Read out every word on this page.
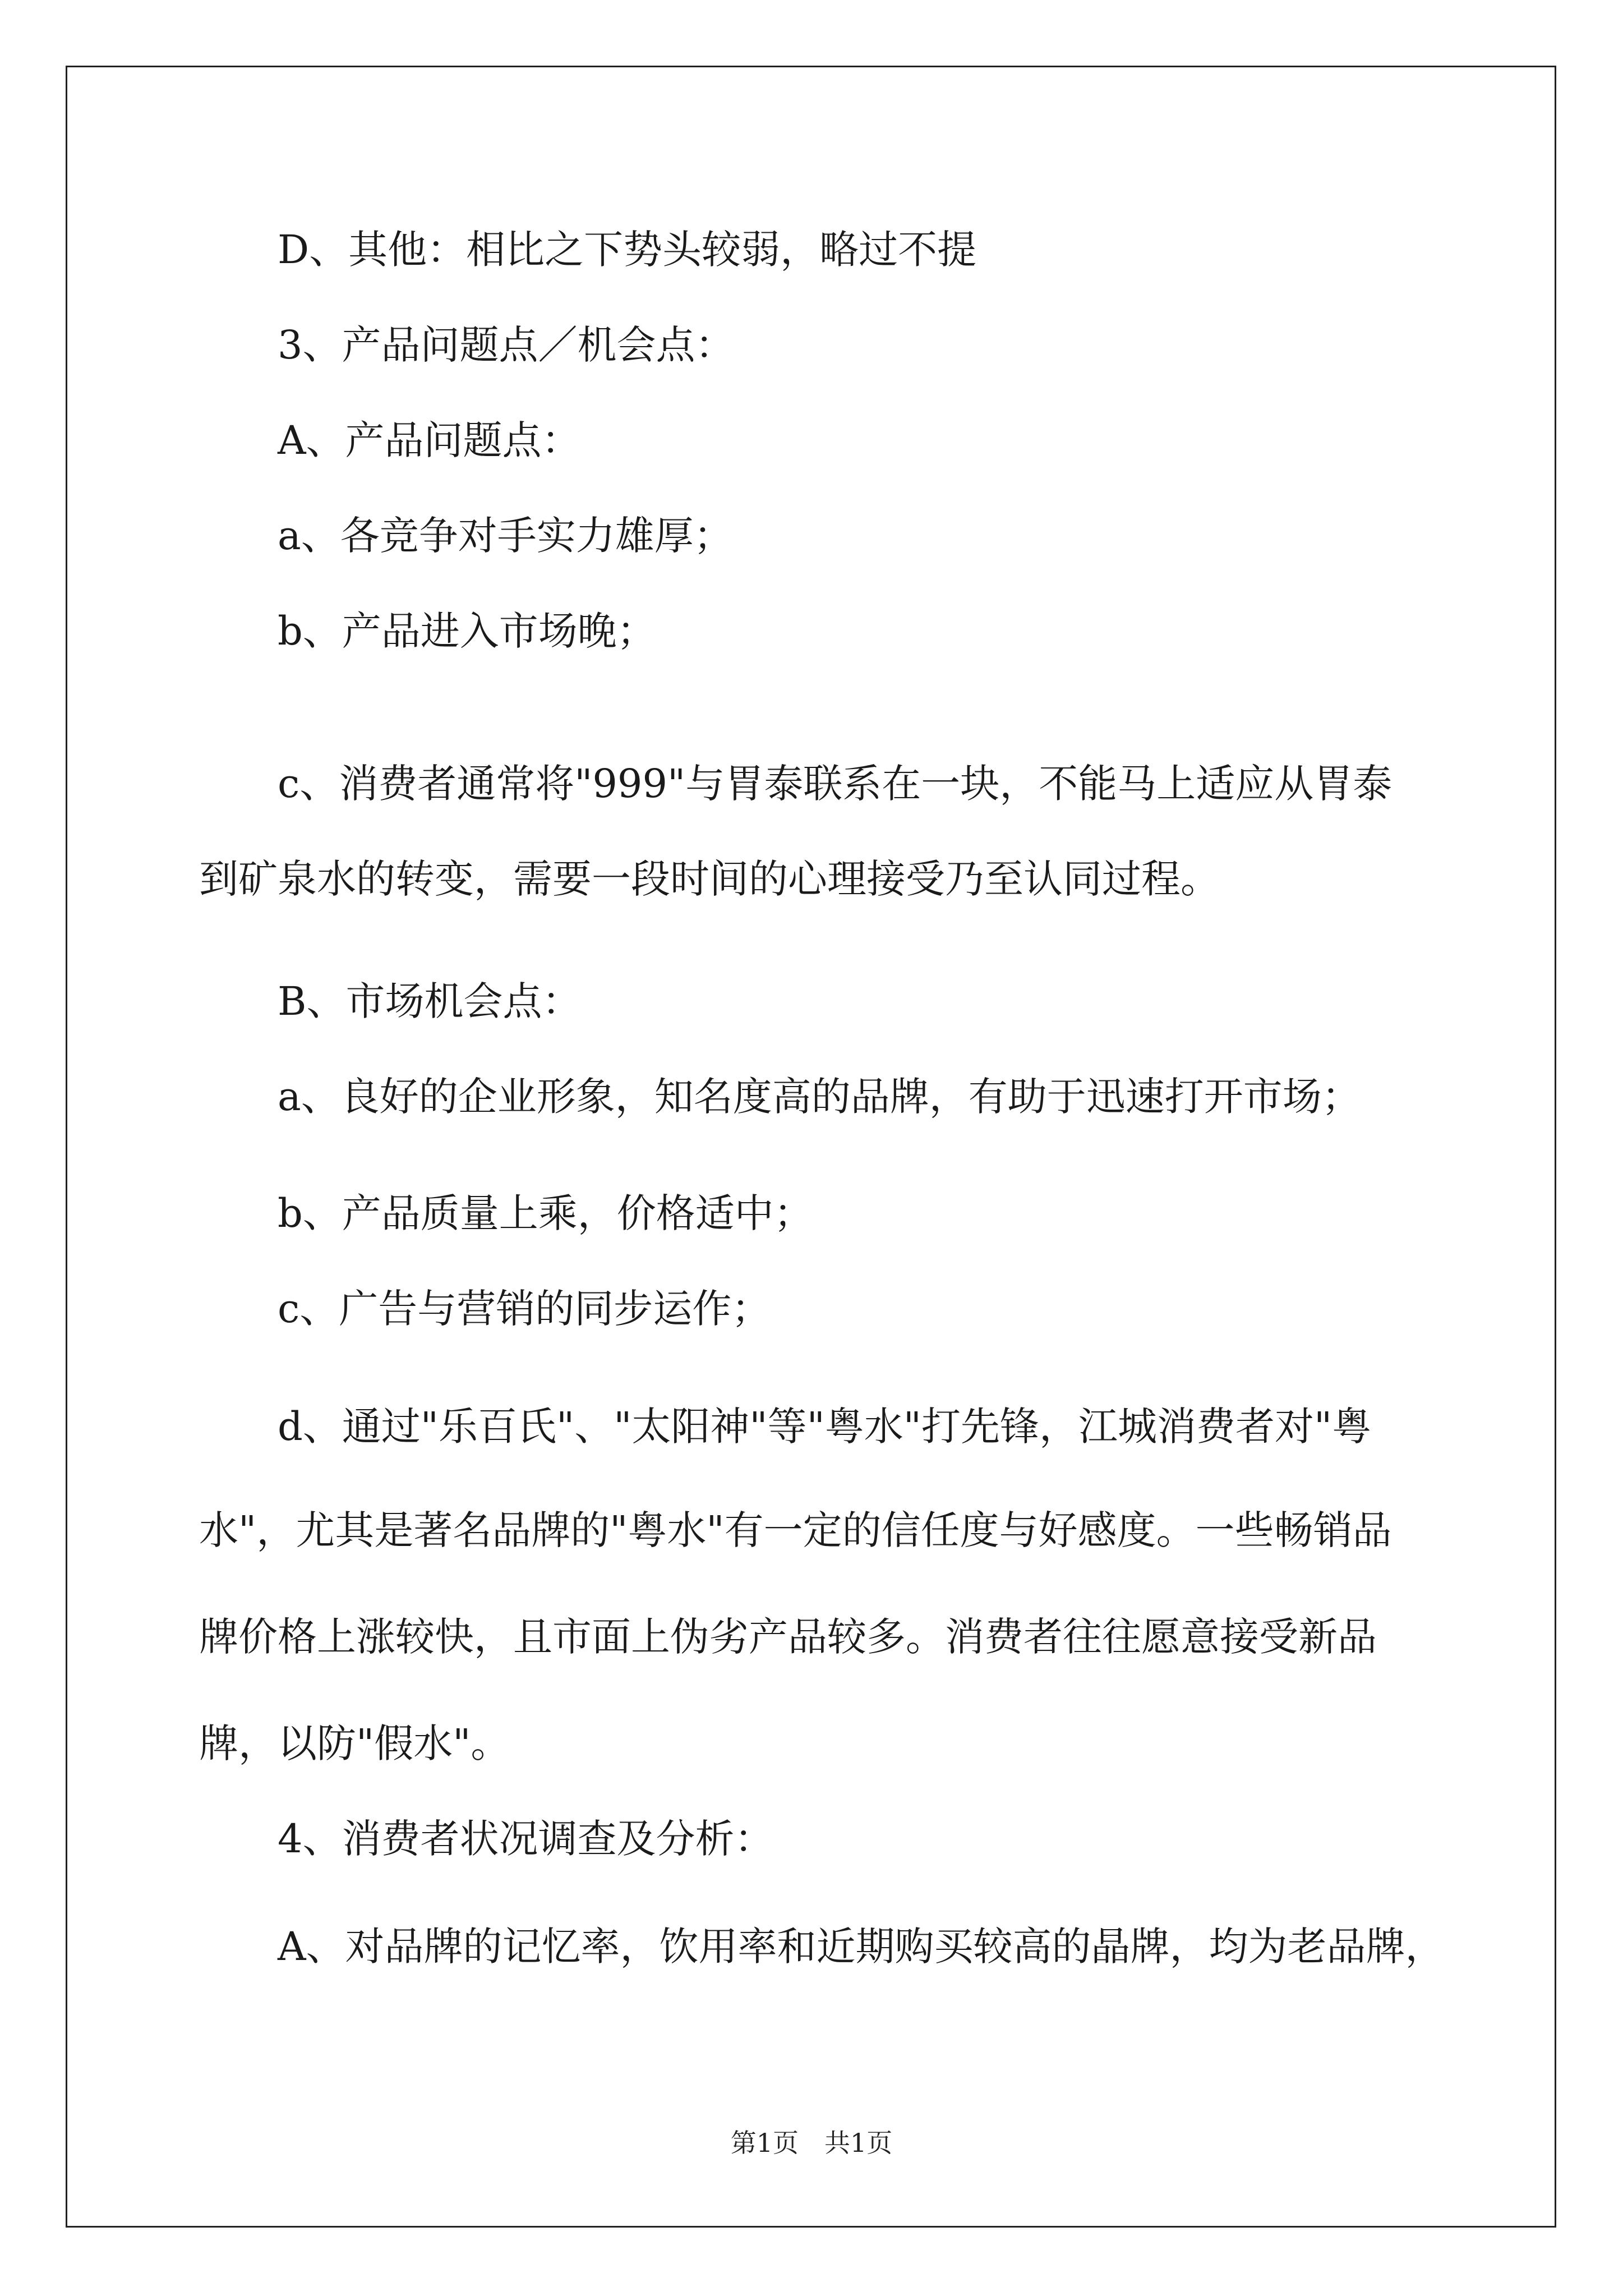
D、其他：相比之下势头较弱，略过不提
3、产品问题点／机会点：
A、产品问题点：
a、各竞争对手实力雄厚；
b、产品进入市场晚；
c、消费者通常将"999"与胃泰联系在一块，不能马上适应从胃泰
到矿泉水的转变，需要一段时间的心理接受乃至认同过程。
B、市场机会点：
a、良好的企业形象，知名度高的品牌，有助于迅速打开市场；
b、产品质量上乘，价格适中；
c、广告与营销的同步运作；
d、通过"乐百氏"、"太阳神"等"粤水"打先锋，江城消费者对"粤
水"，尤其是著名品牌的"粤水"有一定的信任度与好感度。一些畅销品
牌价格上涨较快，且市面上伪劣产品较多。消费者往往愿意接受新品
牌，以防"假水"。
4、消费者状况调查及分析：
A、对品牌的记忆率，饮用率和近期购买较高的晶牌，均为老品牌，
第1页　共1页
